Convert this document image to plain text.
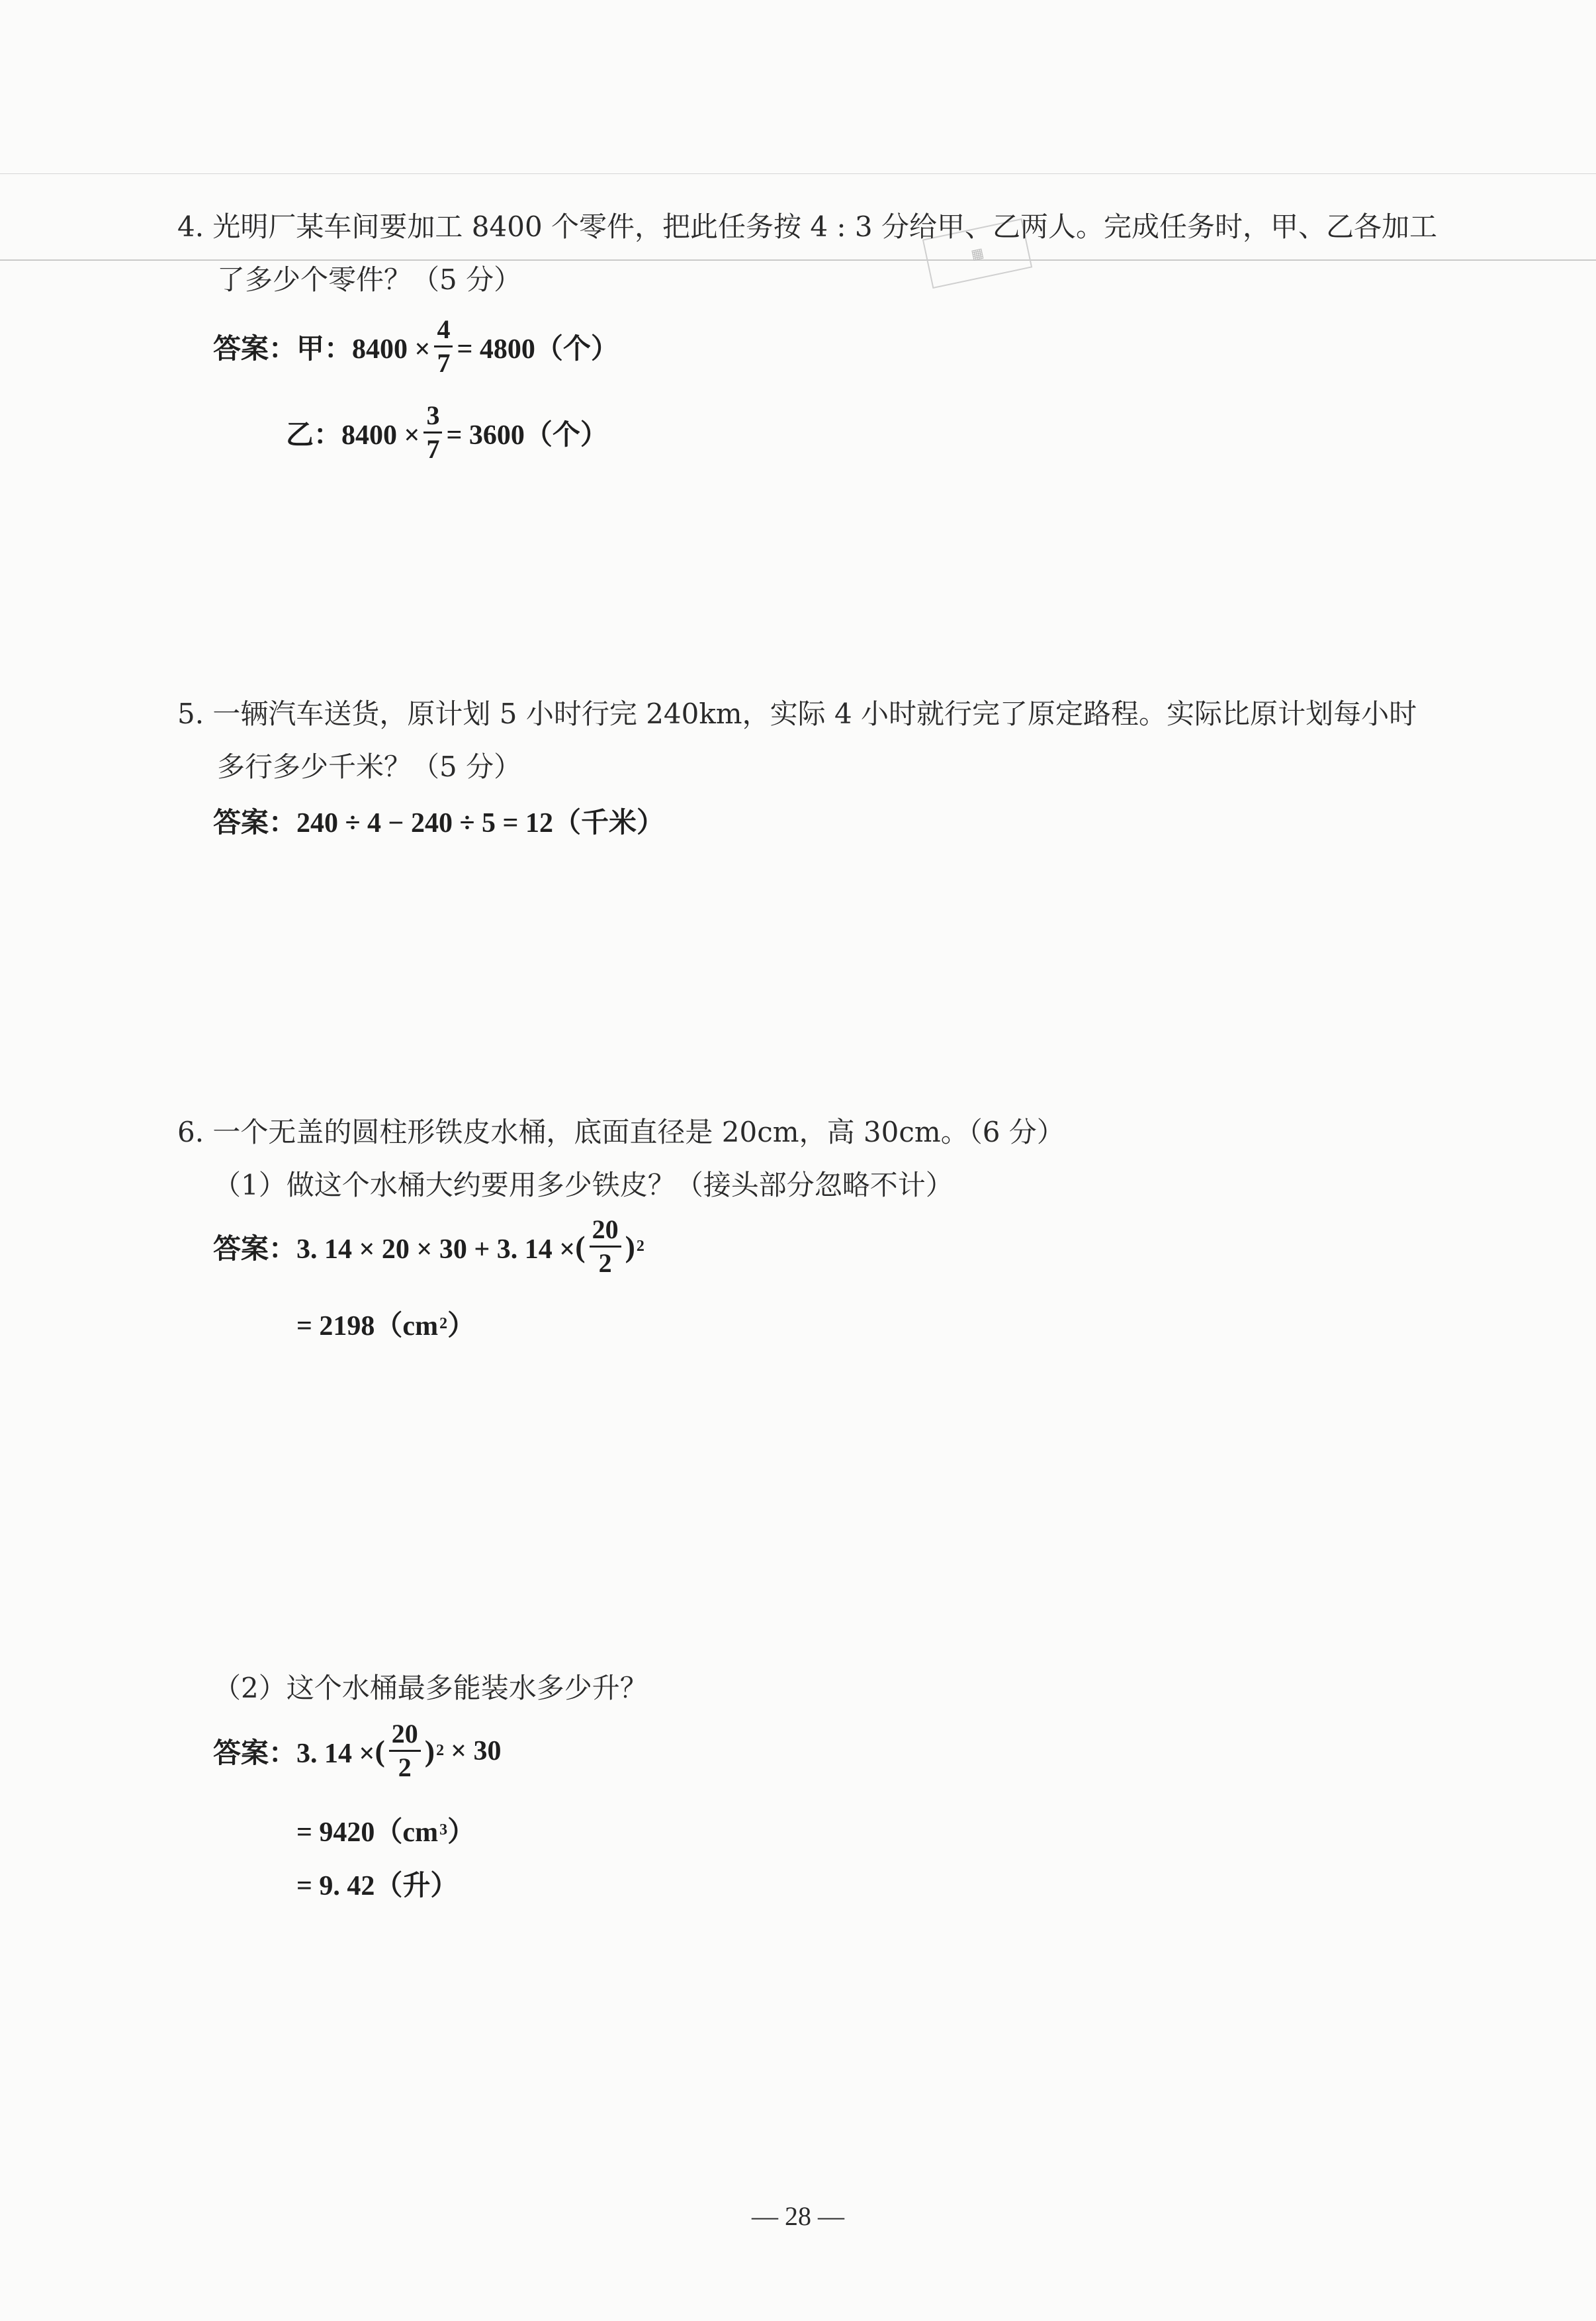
▦
4. 光明厂某车间要加工 8400 个零件，把此任务按 4 : 3 分给甲、乙两人。完成任务时，甲、乙各加工
了多少个零件？（5 分）
答案：甲：$8400 \times \frac{4}{7} = 4800$（个）
乙：$8400 \times \frac{3}{7} = 3600$（个）
5. 一辆汽车送货，原计划 5 小时行完 240km，实际 4 小时就行完了原定路程。实际比原计划每小时
多行多少千米？（5 分）
答案：240 ÷ 4 − 240 ÷ 5 = 12（千米）
6. 一个无盖的圆柱形铁皮水桶，底面直径是 20cm，高 30cm。（6 分）
（1）做这个水桶大约要用多少铁皮？（接头部分忽略不计）
答案：3. 14 × 20 × 30 + 3. 14 × ( $\frac{20}{2}$ ) 2
= 2198（cm 2 ）
（2）这个水桶最多能装水多少升？
答案：3. 14 × ( $\frac{20}{2}$ ) 2 × 30
= 9420（cm 3 ）
= 9. 42（升）
— 28 —
